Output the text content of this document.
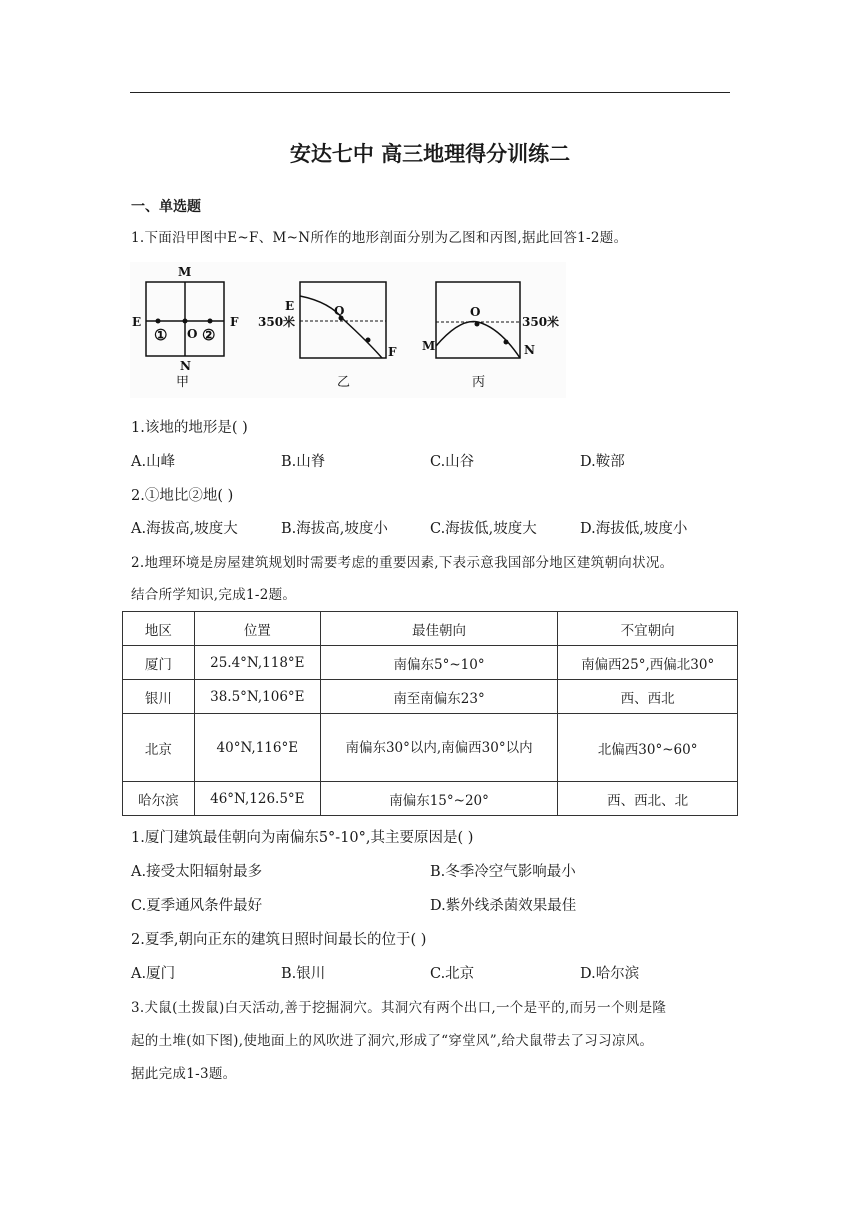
安达七中 高三地理得分训练二
一、单选题
1.下面沿甲图中E~F、M~N所作的地形剖面分别为乙图和丙图,据此回答1-2题。
M
N
E	F
O
① ②
甲
E	O
F
350米
乙
M
O
N
350米
丙
1.该地的地形是( )
A.山峰	B.山脊	C.山谷	D.鞍部
2.①地比②地( )
A.海拔高,坡度大	B.海拔高,坡度小	C.海拔低,坡度大	D.海拔低,坡度小
2.地理环境是房屋建筑规划时需要考虑的重要因素,下表示意我国部分地区建筑朝向状况。
结合所学知识,完成1-2题。
地区	位置	最佳朝向	不宜朝向
厦门	25.4°N,118°E	南偏东5°~10°	南偏西25°,西偏北30°
银川	38.5°N,106°E	南至南偏东23°	西、西北
北京	40°N,116°E	南偏东30°以内,南偏西30°以内	北偏西30°~60°
哈尔滨	46°N,126.5°E	南偏东15°~20°	西、西北、北
1.厦门建筑最佳朝向为南偏东5°-10°,其主要原因是( )
A.接受太阳辐射最多	B.冬季冷空气影响最小
C.夏季通风条件最好	D.紫外线杀菌效果最佳
2.夏季,朝向正东的建筑日照时间最长的位于( )
A.厦门	B.银川	C.北京	D.哈尔滨
3.犬鼠(土拨鼠)白天活动,善于挖掘洞穴。其洞穴有两个出口,一个是平的,而另一个则是隆
起的土堆(如下图),使地面上的风吹进了洞穴,形成了“穿堂风”,给犬鼠带去了习习凉风。
据此完成1-3题。
